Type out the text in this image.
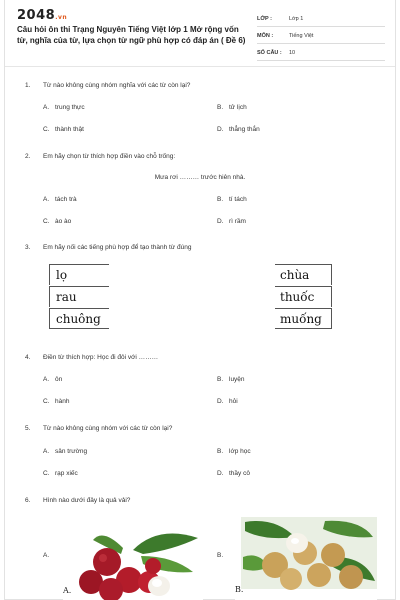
2048.vn
Câu hỏi ôn thi Trạng Nguyên Tiếng Việt lớp 1 Mở rộng vốn từ, nghĩa của từ, lựa chọn từ ngữ phù hợp có đáp án ( Đề 6)
LỚP :	Lớp 1
MÔN :	Tiếng Việt
SỐ CÂU :	10
1. Từ nào không cùng nhóm nghĩa với các từ còn lại?
A. trung thực	B. tử lịch
C. thành thật	D. thẳng thắn
2. Em hãy chọn từ thích hợp điền vào chỗ trống:
Mưa rơi ……… trước hiên nhà.
A. tách trà	B. tí tách
C. ào ào	D. rì rầm
3. Em hãy nối các tiếng phù hợp để tạo thành từ đúng
lọ
rau
chuông
chùa
thuốc
muống
4. Điền từ thích hợp: Học đi đôi với ………
A. ôn	B. luyện
C. hành	D. hỏi
5. Từ nào không cùng nhóm với các từ còn lại?
A. sân trường	B. lớp học
C. rạp xiếc	D. thầy cô
6. Hình nào dưới đây là quả vải?
A.
A.
B.
B.
